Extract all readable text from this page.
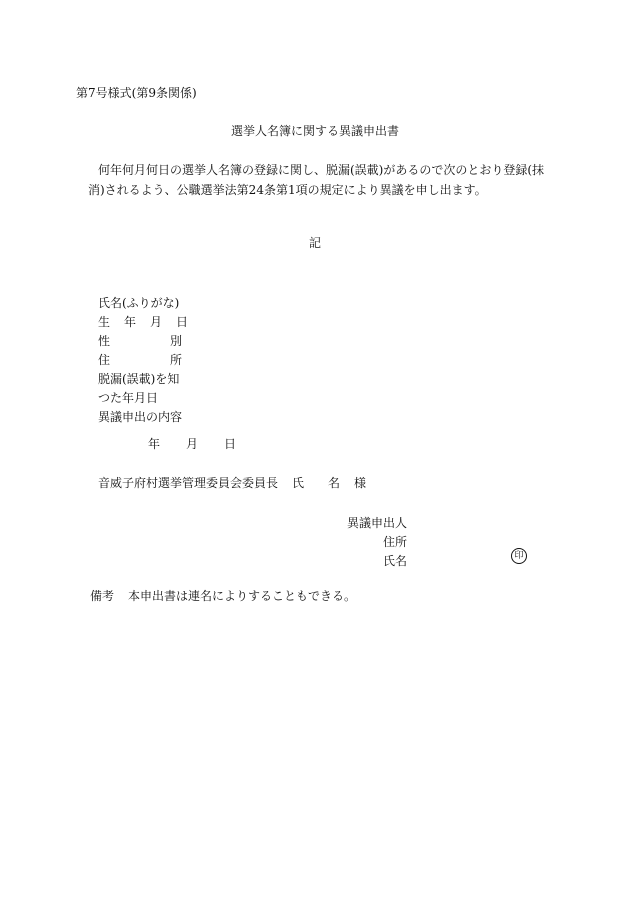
第7号様式(第9条関係)
選挙人名簿に関する異議申出書
何年何月何日の選挙人名簿の登録に関し、脱漏(誤載)があるので次のとおり登録(抹
消)されるよう、公職選挙法第24条第1項の規定により異議を申し出ます。
記
氏名(ふりがな)
生 年 月 日
性	別
住	所
脱漏(誤載)を知
つた年月日
異議申出の内容
年 月 日
音威子府村選挙管理委員会委員長 氏 名 様
異議申出人
住所
氏名	印
備考 本申出書は連名によりすることもできる。
